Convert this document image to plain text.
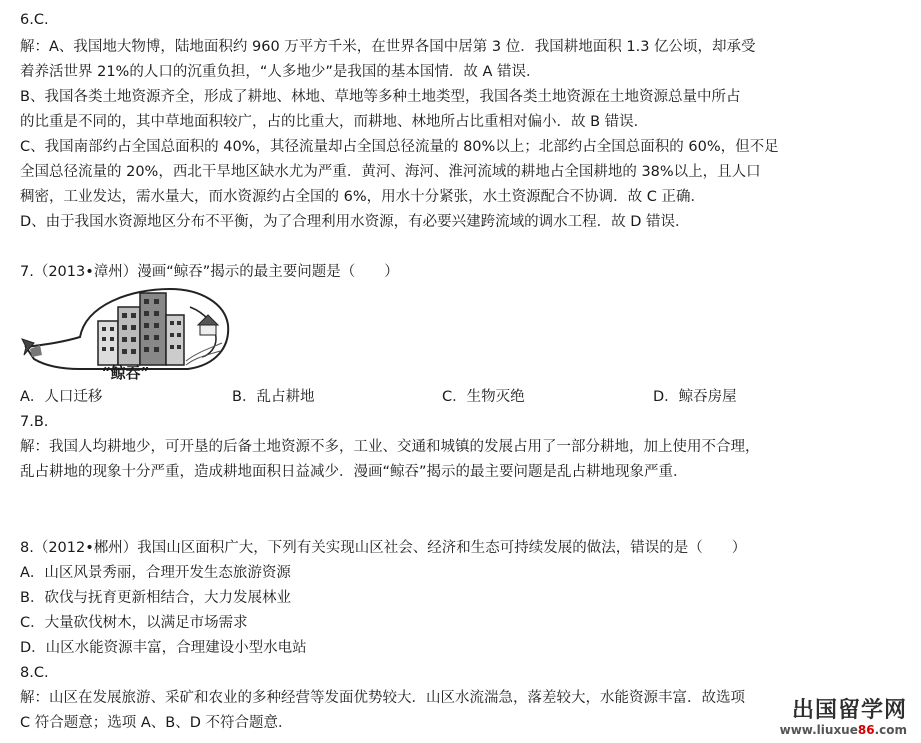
6.C.
解：A、我国地大物博，陆地面积约 960 万平方千米，在世界各国中居第 3 位．我国耕地面积 1.3 亿公顷，却承受
着养活世界 21%的人口的沉重负担，“人多地少”是我国的基本国情．故 A 错误．
B、我国各类土地资源齐全，形成了耕地、林地、草地等多种土地类型，我国各类土地资源在土地资源总量中所占
的比重是不同的，其中草地面积较广，占的比重大，而耕地、林地所占比重相对偏小．故 B 错误．
C、我国南部约占全国总面积的 40%，其径流量却占全国总径流量的 80%以上；北部约占全国总面积的 60%，但不足
全国总径流量的 20%，西北干旱地区缺水尤为严重．黄河、海河、淮河流域的耕地占全国耕地的 38%以上，且人口
稠密，工业发达，需水量大，而水资源约占全国的 6%，用水十分紧张，水土资源配合不协调．故 C 正确．
D、由于我国水资源地区分布不平衡，为了合理利用水资源，有必要兴建跨流域的调水工程．故 D 错误．
7.（2013•漳州）漫画“鲸吞”揭示的最主要问题是（　　）
“鲸吞”
A．人口迁移	B．乱占耕地	C．生物灭绝	D．鲸吞房屋
7.B.
解：我国人均耕地少，可开垦的后备土地资源不多，工业、交通和城镇的发展占用了一部分耕地，加上使用不合理，
乱占耕地的现象十分严重，造成耕地面积日益减少．漫画“鲸吞”揭示的最主要问题是乱占耕地现象严重．
8.（2012•郴州）我国山区面积广大，下列有关实现山区社会、经济和生态可持续发展的做法，错误的是（　　）
A．山区风景秀丽，合理开发生态旅游资源
B．砍伐与抚育更新相结合，大力发展林业
C．大量砍伐树木，以满足市场需求
D．山区水能资源丰富，合理建设小型水电站
8.C.
解：山区在发展旅游、采矿和农业的多种经营等发面优势较大．山区水流湍急，落差较大，水能资源丰富．故选项
C 符合题意；选项 A、B、D 不符合题意．	出国留学网
www.liuxue86.com
